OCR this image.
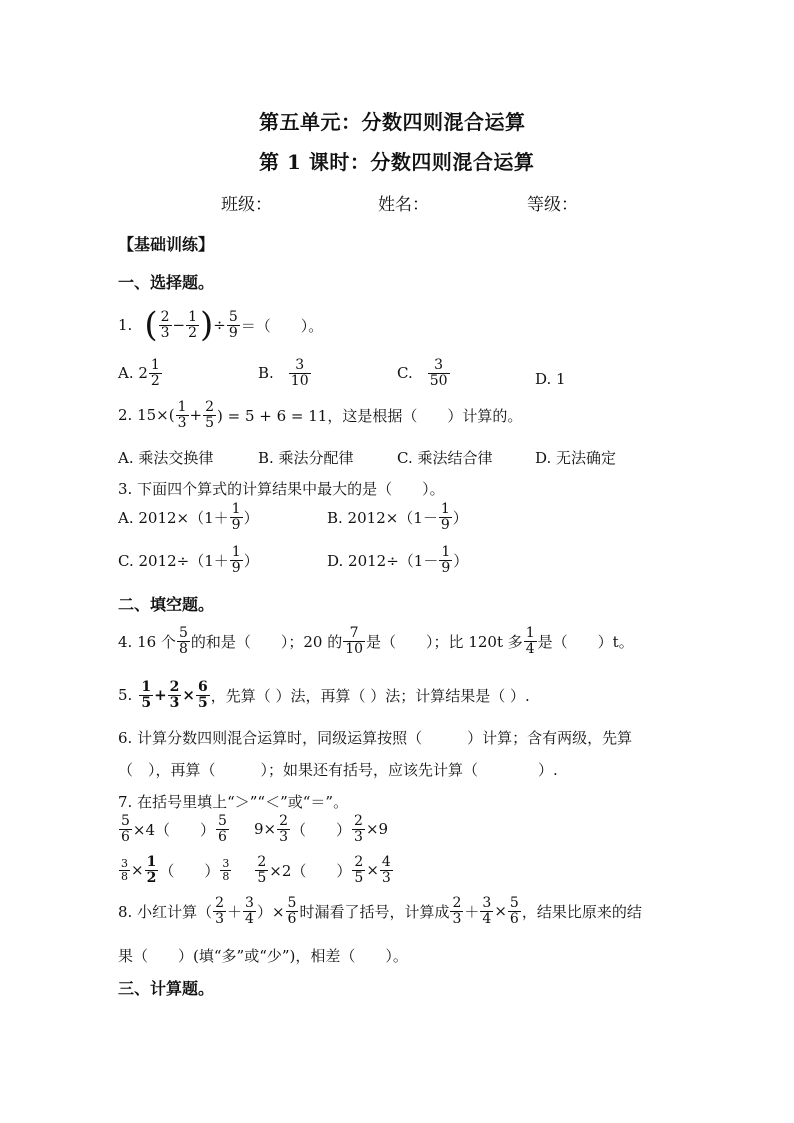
第五单元：分数四则混合运算
第 1 课时：分数四则混合运算
班级：	姓名：	等级：
【基础训练】
一、选择题。
1. ( $\frac{2}{3} - \frac{1}{2}$ ) ÷ $\frac{5}{9}$ ＝（　　）。
A. $2 \frac{1}{2}$	B. $\frac{3}{10}$	C. $\frac{3}{50}$	D. 1
2. $15\times( \frac{1}{3} + \frac{2}{5}$ ) = 5 + 6 = 11，这是根据（　　）计算的。
A. 乘法交换律	B. 乘法分配律	C. 乘法结合律	D. 无法确定
3. 下面四个算式的计算结果中最大的是（　　）。
A. $2012\times(1+ \frac{1}{9}$ ）	B. $2012\times(1- \frac{1}{9}$ ）
C. $2012\div(1+ \frac{1}{9}$ ）	D. $2012\div(1- \frac{1}{9}$ ）
二、填空题。
4. 16 个 $\frac{5}{8}$ 的和是（　　）；20 的 $\frac{7}{10}$ 是（　　）；比 120t 多 $\frac{1}{4}$ 是（　　）t。
5. $\frac{1}{5} + \frac{2}{3} \times \frac{6}{5}$ ，先算（ ）法，再算（ ）法；计算结果是（ ）.
6. 计算分数四则混合运算时，同级运算按照（　　　）计算；含有两级，先算
（　），再算（　　　）；如果还有括号，应该先计算（　　　　）.
7. 在括号里填上“＞”“＜”或“＝”。
$\frac{5}{6} \times 4$（　　） $\frac{5}{6} 9\times \frac{2}{3}$ （　　） $\frac{2}{3} \times 9$
$\frac{3}{8} \times \frac{1}{2}$ （　　） $\frac{3}{8} \frac{2}{5} \times 2$（　　） $\frac{2}{5} \times \frac{4}{3}$
8. 小红计算（ $\frac{2}{3} + \frac{3}{4}$ ）× $\frac{5}{6}$ 时漏看了括号，计算成 $\frac{2}{3} + \frac{3}{4} \times \frac{5}{6}$ ，结果比原来的结
果（　　）(填“多”或“少”)，相差（　　）。
三、计算题。
